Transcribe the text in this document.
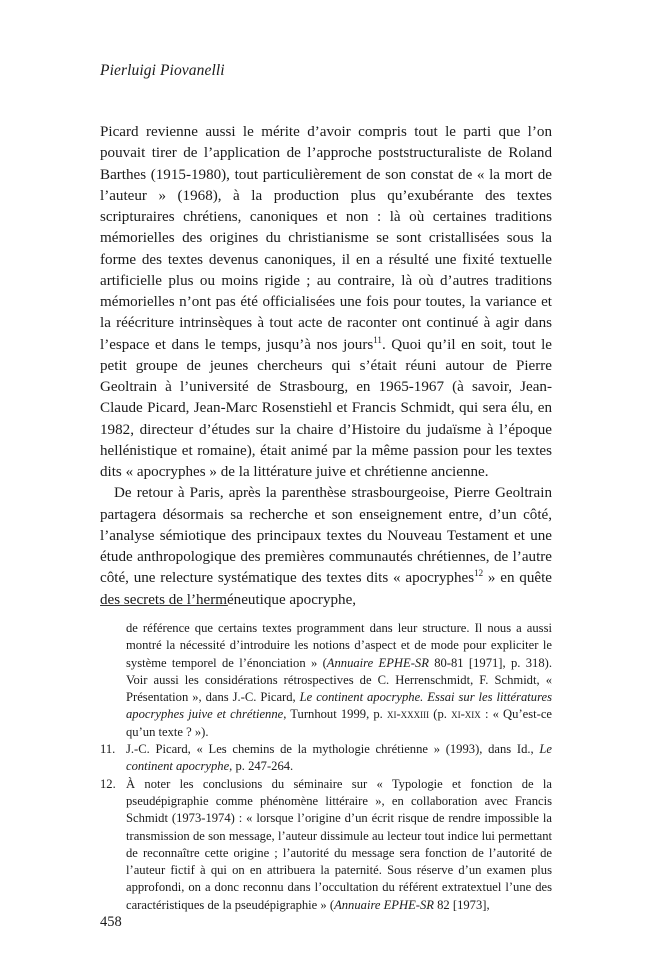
Pierluigi Piovanelli

Picard revienne aussi le mérite d’avoir compris tout le parti que l’on pouvait tirer de l’application de l’approche poststructuraliste de Roland Barthes (1915-1980), tout particulièrement de son constat de « la mort de l’auteur » (1968), à la production plus qu’exubérante des textes scripturaires chrétiens, canoniques et non : là où certaines traditions mémorielles des origines du christianisme se sont cristallisées sous la forme des textes devenus canoniques, il en a résulté une fixité textuelle artificielle plus ou moins rigide ; au contraire, là où d’autres traditions mémorielles n’ont pas été officialisées une fois pour toutes, la variance et la réécriture intrinsèques à tout acte de raconter ont continué à agir dans l’espace et dans le temps, jusqu’à nos jours$^{11}$. Quoi qu’il en soit, tout le petit groupe de jeunes chercheurs qui s’était réuni autour de Pierre Geoltrain à l’université de Strasbourg, en 1965-1967 (à savoir, Jean-Claude Picard, Jean-Marc Rosenstiehl et Francis Schmidt, qui sera élu, en 1982, directeur d’études sur la chaire d’Histoire du judaïsme à l’époque hellénistique et romaine), était animé par la même passion pour les textes dits « apocryphes » de la littérature juive et chrétienne ancienne.

De retour à Paris, après la parenthèse strasbourgeoise, Pierre Geoltrain partagera désormais sa recherche et son enseignement entre, d’un côté, l’analyse sémiotique des principaux textes du Nouveau Testament et une étude anthropologique des premières communautés chrétiennes, de l’autre côté, une relecture systématique des textes dits « apocryphes$^{12}$ » en quête des secrets de l’herméneutique apocryphe,

de référence que certains textes programment dans leur structure. Il nous a aussi montré la nécessité d’introduire les notions d’aspect et de mode pour expliciter le système temporel de l’énonciation » (Annuaire EPHE-SR 80-81 [1971], p. 318). Voir aussi les considérations rétrospectives de C. Herrenschmidt, F. Schmidt, « Présentation », dans J.-C. Picard, Le continent apocryphe. Essai sur les littératures apocryphes juive et chrétienne, Turnhout 1999, p. xi-xxxiii (p. xi-xix : « Qu’est-ce qu’un texte ? »).

11. J.-C. Picard, « Les chemins de la mythologie chrétienne » (1993), dans Id., Le continent apocryphe, p. 247-264.

12. À noter les conclusions du séminaire sur « Typologie et fonction de la pseudépigraphie comme phénomène littéraire », en collaboration avec Francis Schmidt (1973-1974) : « lorsque l’origine d’un écrit risque de rendre impossible la transmission de son message, l’auteur dissimule au lecteur tout indice lui permettant de reconnaître cette origine ; l’autorité du message sera fonction de l’autorité de l’auteur fictif à qui on en attribuera la paternité. Sous réserve d’un examen plus approfondi, on a donc reconnu dans l’occultation du référent extratextuel l’une des caractéristiques de la pseudépigraphie » (Annuaire EPHE-SR 82 [1973],

458
